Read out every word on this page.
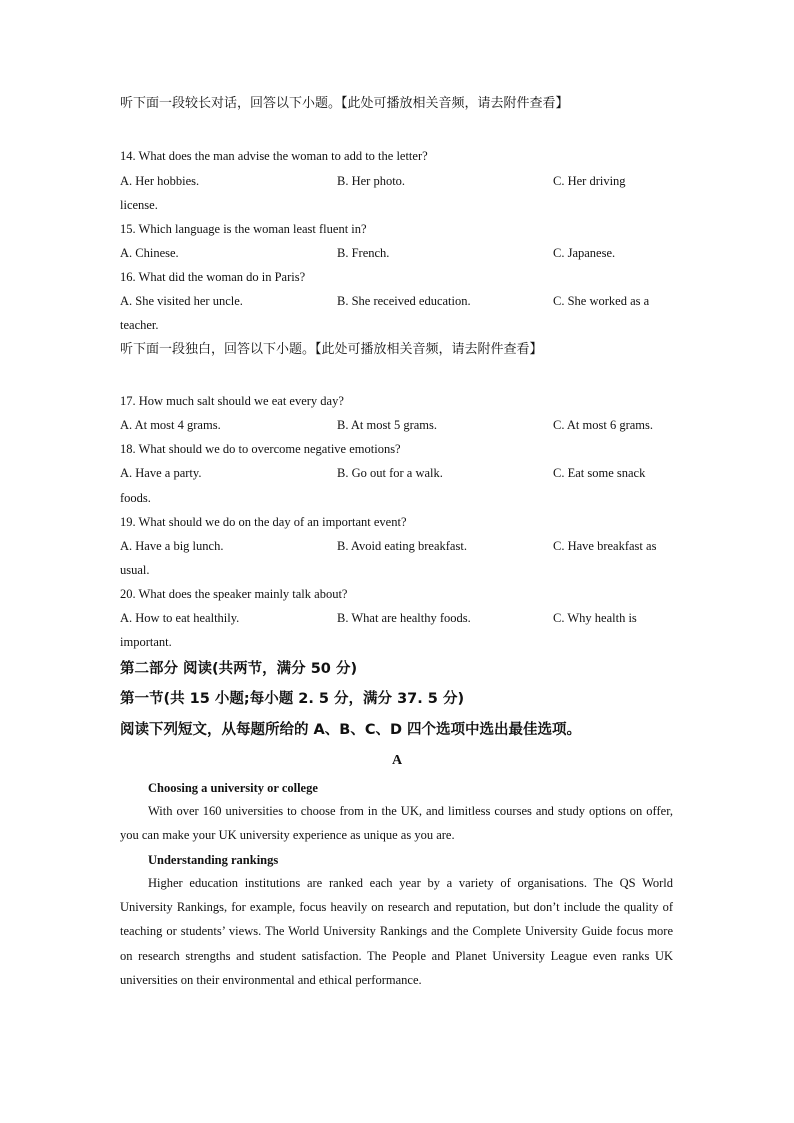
听下面一段较长对话，回答以下小题。【此处可播放相关音频，请去附件查看】
14. What does the man advise the woman to add to the letter?
A. Her hobbies.	B. Her photo.	C. Her driving
license.
15. Which language is the woman least fluent in?
A. Chinese.	B. French.	C. Japanese.
16. What did the woman do in Paris?
A. She visited her uncle.	B. She received education.	C. She worked as a
teacher.
听下面一段独白，回答以下小题。【此处可播放相关音频，请去附件查看】
17. How much salt should we eat every day?
A. At most 4 grams.	B. At most 5 grams.	C. At most 6 grams.
18. What should we do to overcome negative emotions?
A. Have a party.	B. Go out for a walk.	C. Eat some snack
foods.
19. What should we do on the day of an important event?
A. Have a big lunch.	B. Avoid eating breakfast.	C. Have breakfast as
usual.
20. What does the speaker mainly talk about?
A. How to eat healthily.	B. What are healthy foods.	C. Why health is
important.
第二部分 阅读(共两节，满分 50 分)
第一节(共 15 小题;每小题 2. 5 分，满分 37. 5 分)
阅读下列短文，从每题所给的 A、B、C、D 四个选项中选出最佳选项。
A
Choosing a university or college
With over 160 universities to choose from in the UK, and limitless courses and study options on offer, you can make your UK university experience as unique as you are.
Understanding rankings
Higher education institutions are ranked each year by a variety of organisations. The QS World University Rankings, for example, focus heavily on research and reputation, but don’t include the quality of teaching or students’ views. The World University Rankings and the Complete University Guide focus more on research strengths and student satisfaction. The People and Planet University League even ranks UK universities on their environmental and ethical performance.
